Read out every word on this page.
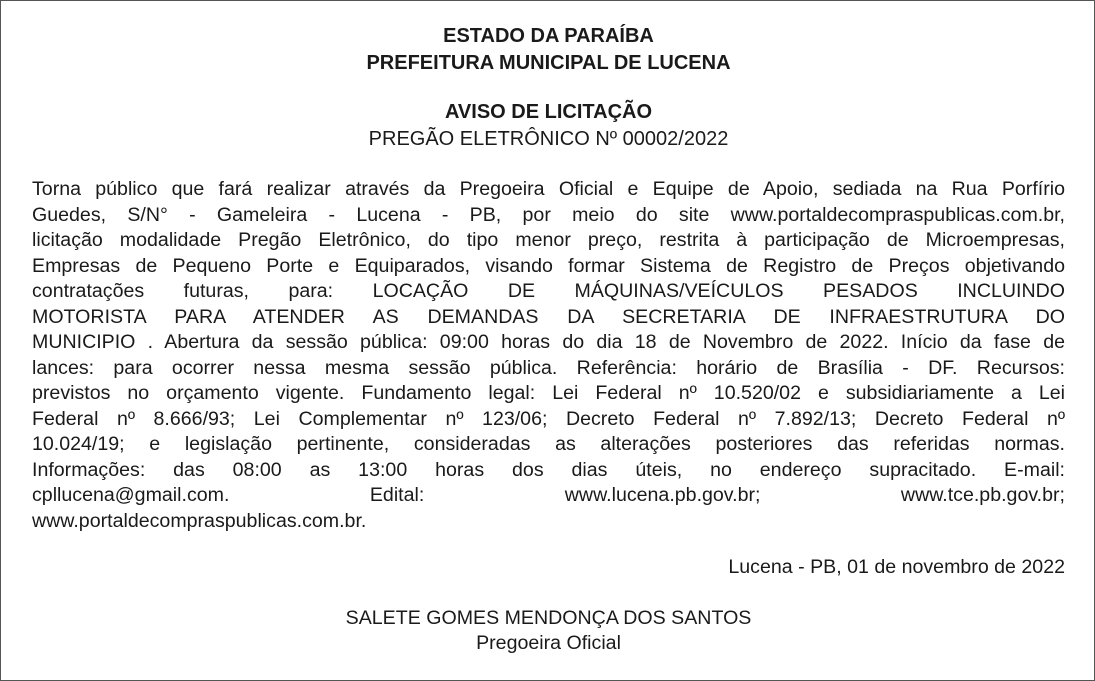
ESTADO DA PARAÍBA
PREFEITURA MUNICIPAL DE LUCENA
AVISO DE LICITAÇÃO
PREGÃO ELETRÔNICO Nº 00002/2022
Torna público que fará realizar através da Pregoeira Oficial e Equipe de Apoio, sediada na Rua Porfírio
Guedes, S/N° - Gameleira - Lucena - PB, por meio do site www.portaldecompraspublicas.com.br,
licitação modalidade Pregão Eletrônico, do tipo menor preço, restrita à participação de Microempresas,
Empresas de Pequeno Porte e Equiparados, visando formar Sistema de Registro de Preços objetivando
contratações futuras, para: LOCAÇÃO DE MÁQUINAS/VEÍCULOS PESADOS INCLUINDO
MOTORISTA PARA ATENDER AS DEMANDAS DA SECRETARIA DE INFRAESTRUTURA DO
MUNICIPIO . Abertura da sessão pública: 09:00 horas do dia 18 de Novembro de 2022. Início da fase de
lances: para ocorrer nessa mesma sessão pública. Referência: horário de Brasília - DF. Recursos:
previstos no orçamento vigente. Fundamento legal: Lei Federal nº 10.520/02 e subsidiariamente a Lei
Federal nº 8.666/93; Lei Complementar nº 123/06; Decreto Federal nº 7.892/13; Decreto Federal nº
10.024/19; e legislação pertinente, consideradas as alterações posteriores das referidas normas.
Informações: das 08:00 as 13:00 horas dos dias úteis, no endereço supracitado. E-mail:
cpllucena@gmail.com. Edital: www.lucena.pb.gov.br; www.tce.pb.gov.br;
www.portaldecompraspublicas.com.br.
Lucena - PB, 01 de novembro de 2022
SALETE GOMES MENDONÇA DOS SANTOS
Pregoeira Oficial
